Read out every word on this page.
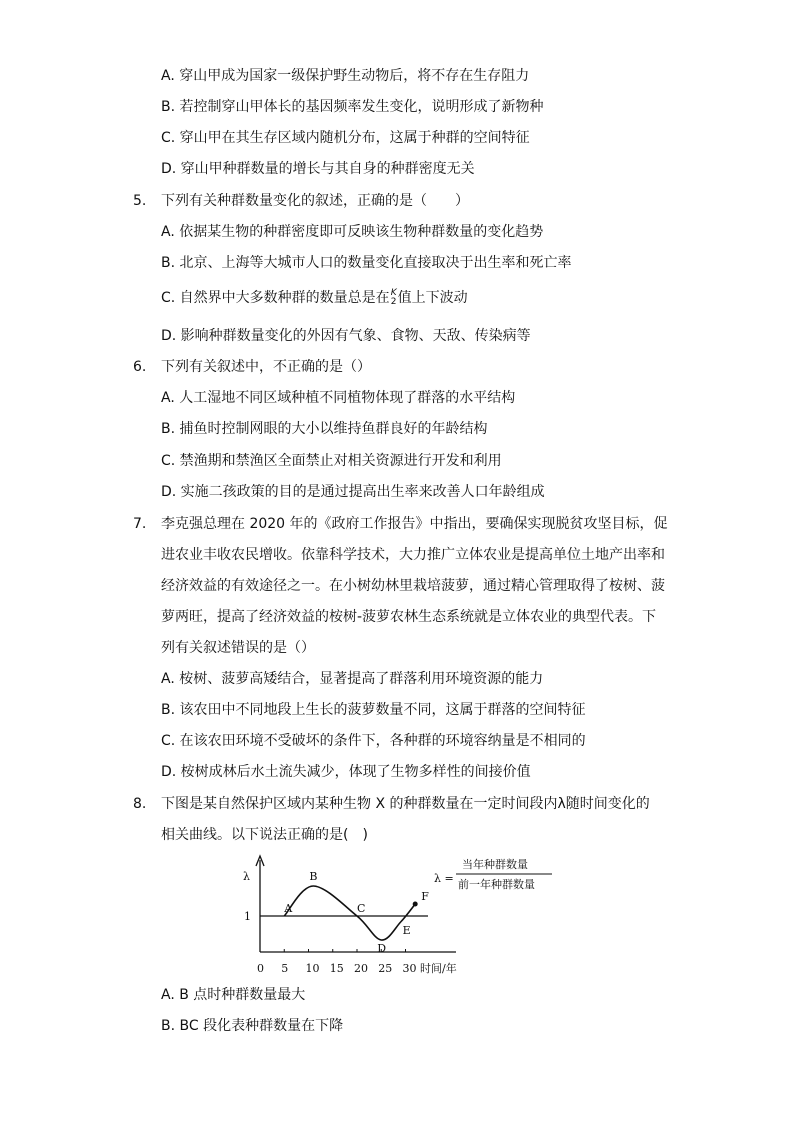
A. 穿山甲成为国家一级保护野生动物后，将不存在生存阻力
B. 若控制穿山甲体长的基因频率发生变化，说明形成了新物种
C. 穿山甲在其生存区域内随机分布，这属于种群的空间特征
D. 穿山甲种群数量的增长与其自身的种群密度无关
5. 下列有关种群数量变化的叙述，正确的是（　　）
A. 依据某生物的种群密度即可反映该生物种群数量的变化趋势
B. 北京、上海等大城市人口的数量变化直接取决于出生率和死亡率
C. 自然界中大多数种群的数量总是在 K
2 值上下波动
D. 影响种群数量变化的外因有气象、食物、天敌、传染病等
6. 下列有关叙述中，不正确的是（）
A. 人工湿地不同区域种植不同植物体现了群落的水平结构
B. 捕鱼时控制网眼的大小以维持鱼群良好的年龄结构
C. 禁渔期和禁渔区全面禁止对相关资源进行开发和利用
D. 实施二孩政策的目的是通过提高出生率来改善人口年龄组成
7. 李克强总理在 2020 年的《政府工作报告》中指出，要确保实现脱贫攻坚目标，促
进农业丰收农民增收。依靠科学技术，大力推广立体农业是提高单位土地产出率和
经济效益的有效途径之一。在小树幼林里栽培菠萝，通过精心管理取得了桉树、菠
萝两旺，提高了经济效益的桉树-菠萝农林生态系统就是立体农业的典型代表。下
列有关叙述错误的是（）
A. 桉树、菠萝高矮结合，显著提高了群落利用环境资源的能力
B. 该农田中不同地段上生长的菠萝数量不同，这属于群落的空间特征
C. 在该农田环境不受破坏的条件下，各种群的环境容纳量是不相同的
D. 桉树成林后水土流失减少，体现了生物多样性的间接价值
8. 下图是某自然保护区域内某种生物 X 的种群数量在一定时间段内λ随时间变化的
相关曲线。以下说法正确的是(　)
A
B
C
D
E
F
0 5 10 15 20 25 30
λ
1
时间/年
λ =
当年种群数量
前一年种群数量
A. B 点时种群数量最大
B. BC 段化表种群数量在下降
